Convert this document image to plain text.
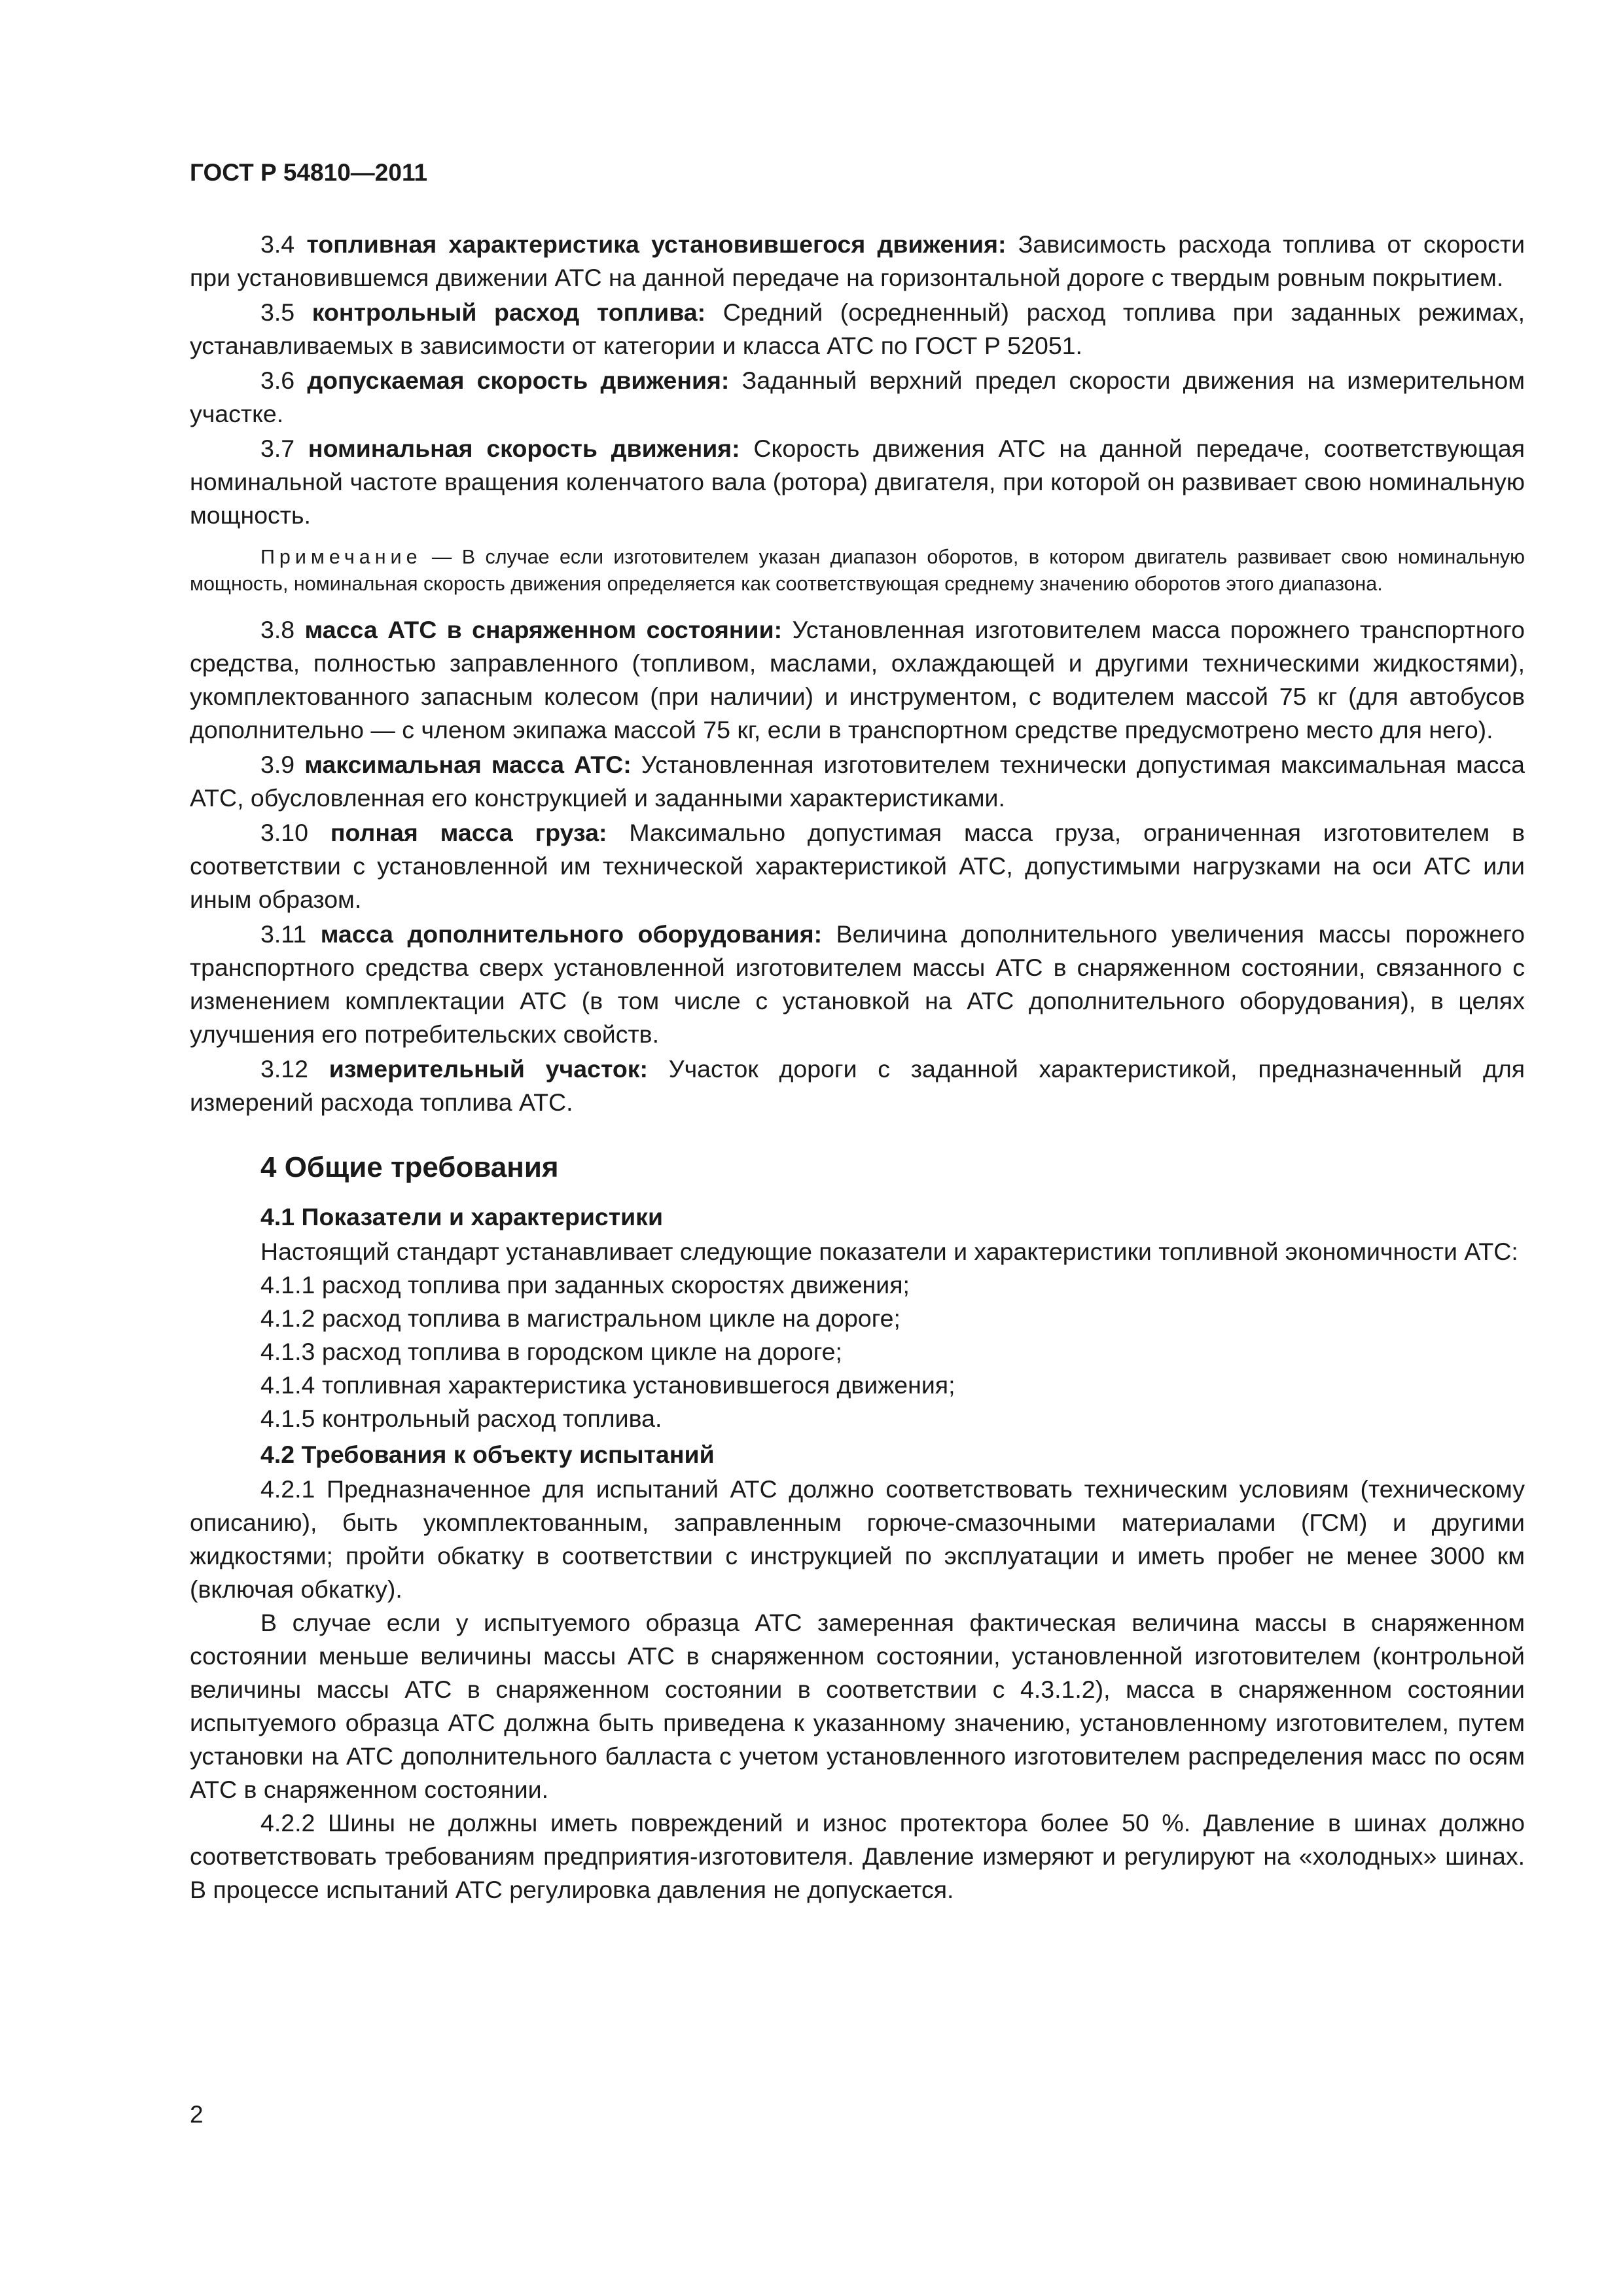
ГОСТ Р 54810—2011

3.4 топливная характеристика установившегося движения: Зависимость расхода топлива от скорости при установившемся движении АТС на данной передаче на горизонтальной дороге с твердым ровным покрытием.

3.5 контрольный расход топлива: Средний (осредненный) расход топлива при заданных режимах, устанавливаемых в зависимости от категории и класса АТС по ГОСТ Р 52051.

3.6 допускаемая скорость движения: Заданный верхний предел скорости движения на измерительном участке.

3.7 номинальная скорость движения: Скорость движения АТС на данной передаче, соответствующая номинальной частоте вращения коленчатого вала (ротора) двигателя, при которой он развивает свою номинальную мощность.

Примечание — В случае если изготовителем указан диапазон оборотов, в котором двигатель развивает свою номинальную мощность, номинальная скорость движения определяется как соответствующая среднему значению оборотов этого диапазона.

3.8 масса АТС в снаряженном состоянии: Установленная изготовителем масса порожнего транспортного средства, полностью заправленного (топливом, маслами, охлаждающей и другими техническими жидкостями), укомплектованного запасным колесом (при наличии) и инструментом, с водителем массой 75 кг (для автобусов дополнительно — с членом экипажа массой 75 кг, если в транспортном средстве предусмотрено место для него).

3.9 максимальная масса АТС: Установленная изготовителем технически допустимая максимальная масса АТС, обусловленная его конструкцией и заданными характеристиками.

3.10 полная масса груза: Максимально допустимая масса груза, ограниченная изготовителем в соответствии с установленной им технической характеристикой АТС, допустимыми нагрузками на оси АТС или иным образом.

3.11 масса дополнительного оборудования: Величина дополнительного увеличения массы порожнего транспортного средства сверх установленной изготовителем массы АТС в снаряженном состоянии, связанного с изменением комплектации АТС (в том числе с установкой на АТС дополнительного оборудования), в целях улучшения его потребительских свойств.

3.12 измерительный участок: Участок дороги с заданной характеристикой, предназначенный для измерений расхода топлива АТС.

4 Общие требования
4.1 Показатели и характеристики

Настоящий стандарт устанавливает следующие показатели и характеристики топливной экономичности АТС:

4.1.1 расход топлива при заданных скоростях движения;

4.1.2 расход топлива в магистральном цикле на дороге;

4.1.3 расход топлива в городском цикле на дороге;

4.1.4 топливная характеристика установившегося движения;

4.1.5 контрольный расход топлива.

4.2 Требования к объекту испытаний

4.2.1 Предназначенное для испытаний АТС должно соответствовать техническим условиям (техническому описанию), быть укомплектованным, заправленным горюче-смазочными материалами (ГСМ) и другими жидкостями; пройти обкатку в соответствии с инструкцией по эксплуатации и иметь пробег не менее 3000 км (включая обкатку).

В случае если у испытуемого образца АТС замеренная фактическая величина массы в снаряженном состоянии меньше величины массы АТС в снаряженном состоянии, установленной изготовителем (контрольной величины массы АТС в снаряженном состоянии в соответствии с 4.3.1.2), масса в снаряженном состоянии испытуемого образца АТС должна быть приведена к указанному значению, установленному изготовителем, путем установки на АТС дополнительного балласта с учетом установленного изготовителем распределения масс по осям АТС в снаряженном состоянии.

4.2.2 Шины не должны иметь повреждений и износ протектора более 50 %. Давление в шинах должно соответствовать требованиям предприятия-изготовителя. Давление измеряют и регулируют на «холодных» шинах. В процессе испытаний АТС регулировка давления не допускается.

2
